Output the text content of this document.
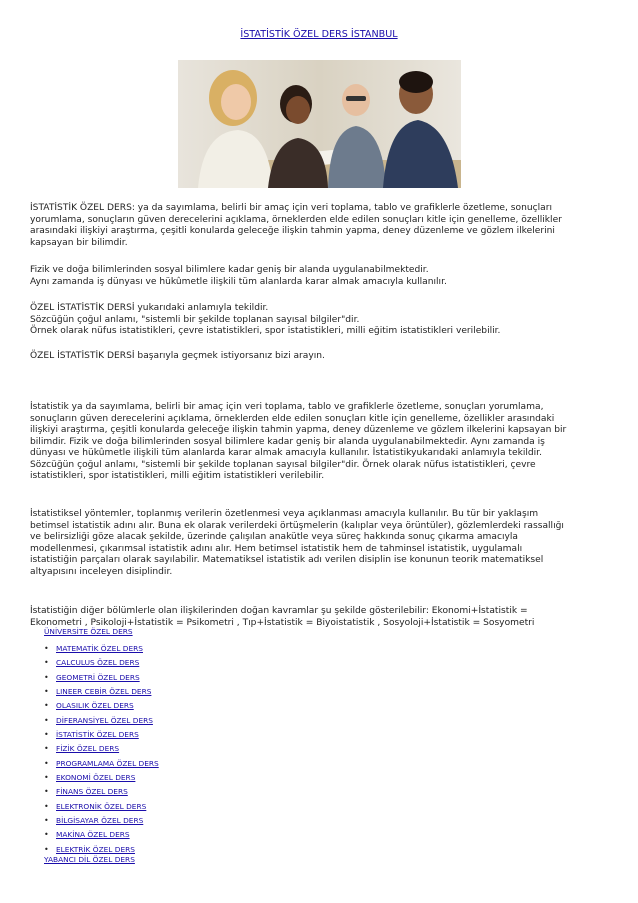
İSTATİSTİK ÖZEL DERS İSTANBUL
İSTATİSTİK ÖZEL DERS: ya da sayımlama, belirli bir amaç için veri toplama, tablo ve grafiklerle özetleme, sonuçları
yorumlama, sonuçların güven derecelerini açıklama, örneklerden elde edilen sonuçları kitle için genelleme, özellikler
arasındaki ilişkiyi araştırma, çeşitli konularda geleceğe ilişkin tahmin yapma, deney düzenleme ve gözlem ilkelerini
kapsayan bir bilimdir.
Fizik ve doğa bilimlerinden sosyal bilimlere kadar geniş bir alanda uygulanabilmektedir.
Aynı zamanda iş dünyası ve hükûmetle ilişkili tüm alanlarda karar almak amacıyla kullanılır.
ÖZEL İSTATİSTİK DERSİ yukarıdaki anlamıyla tekildir.
Sözcüğün çoğul anlamı, "sistemli bir şekilde toplanan sayısal bilgiler"dir.
Örnek olarak nüfus istatistikleri, çevre istatistikleri, spor istatistikleri, milli eğitim istatistikleri verilebilir.
ÖZEL İSTATİSTİK DERSİ başarıyla geçmek istiyorsanız bizi arayın.
İstatistik ya da sayımlama, belirli bir amaç için veri toplama, tablo ve grafiklerle özetleme, sonuçları yorumlama,
sonuçların güven derecelerini açıklama, örneklerden elde edilen sonuçları kitle için genelleme, özellikler arasındaki
ilişkiyi araştırma, çeşitli konularda geleceğe ilişkin tahmin yapma, deney düzenleme ve gözlem ilkelerini kapsayan bir
bilimdir. Fizik ve doğa bilimlerinden sosyal bilimlere kadar geniş bir alanda uygulanabilmektedir. Aynı zamanda iş
dünyası ve hükûmetle ilişkili tüm alanlarda karar almak amacıyla kullanılır. İstatistikyukarıdaki anlamıyla tekildir.
Sözcüğün çoğul anlamı, "sistemli bir şekilde toplanan sayısal bilgiler"dir. Örnek olarak nüfus istatistikleri, çevre
istatistikleri, spor istatistikleri, milli eğitim istatistikleri verilebilir.
İstatistiksel yöntemler, toplanmış verilerin özetlenmesi veya açıklanması amacıyla kullanılır. Bu tür bir yaklaşım
betimsel istatistik adını alır. Buna ek olarak verilerdeki örtüşmelerin (kalıplar veya örüntüler), gözlemlerdeki rassallığı
ve belirsizliği göze alacak şekilde, üzerinde çalışılan anakütle veya süreç hakkında sonuç çıkarma amacıyla
modellenmesi, çıkarımsal istatistik adını alır. Hem betimsel istatistik hem de tahminsel istatistik, uygulamalı
istatistiğin parçaları olarak sayılabilir. Matematiksel istatistik adı verilen disiplin ise konunun teorik matematiksel
altyapısını inceleyen disiplindir.
İstatistiğin diğer bölümlerle olan ilişkilerinden doğan kavramlar şu şekilde gösterilebilir: Ekonomi+İstatistik =
Ekonometri , Psikoloji+İstatistik = Psikometri , Tıp+İstatistik = Biyoistatistik , Sosyoloji+İstatistik = Sosyometri
ÜNİVERSİTE ÖZEL DERS
• MATEMATİK ÖZEL DERS
• CALCULUS ÖZEL DERS
• GEOMETRİ ÖZEL DERS
• LINEER CEBİR ÖZEL DERS
• OLASILIK ÖZEL DERS
• DİFERANSİYEL ÖZEL DERS
• İSTATİSTİK ÖZEL DERS
• FİZİK ÖZEL DERS
• PROGRAMLAMA ÖZEL DERS
• EKONOMİ ÖZEL DERS
• FİNANS ÖZEL DERS
• ELEKTRONİK ÖZEL DERS
• BİLGİSAYAR ÖZEL DERS
• MAKİNA ÖZEL DERS
• ELEKTRİK ÖZEL DERS
YABANCI DİL ÖZEL DERS
